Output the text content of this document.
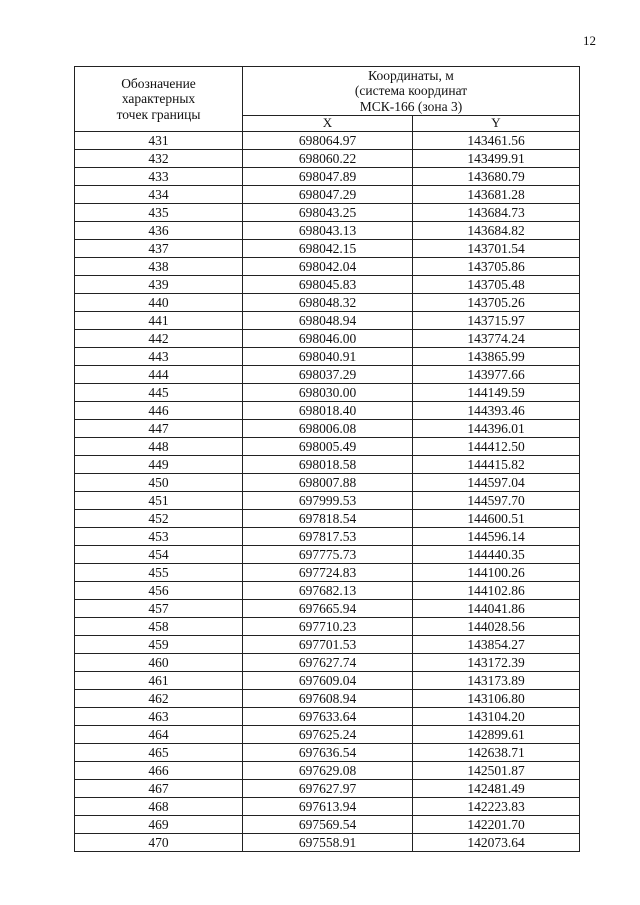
12
Обозначение
характерных
точек границы	Координаты, м
(система координат
МСК-166 (зона 3)	

	X	Y
431	698064.97	143461.56
432	698060.22	143499.91
433	698047.89	143680.79
434	698047.29	143681.28
435	698043.25	143684.73
436	698043.13	143684.82
437	698042.15	143701.54
438	698042.04	143705.86
439	698045.83	143705.48
440	698048.32	143705.26
441	698048.94	143715.97
442	698046.00	143774.24
443	698040.91	143865.99
444	698037.29	143977.66
445	698030.00	144149.59
446	698018.40	144393.46
447	698006.08	144396.01
448	698005.49	144412.50
449	698018.58	144415.82
450	698007.88	144597.04
451	697999.53	144597.70
452	697818.54	144600.51
453	697817.53	144596.14
454	697775.73	144440.35
455	697724.83	144100.26
456	697682.13	144102.86
457	697665.94	144041.86
458	697710.23	144028.56
459	697701.53	143854.27
460	697627.74	143172.39
461	697609.04	143173.89
462	697608.94	143106.80
463	697633.64	143104.20
464	697625.24	142899.61
465	697636.54	142638.71
466	697629.08	142501.87
467	697627.97	142481.49
468	697613.94	142223.83
469	697569.54	142201.70
470	697558.91	142073.64
